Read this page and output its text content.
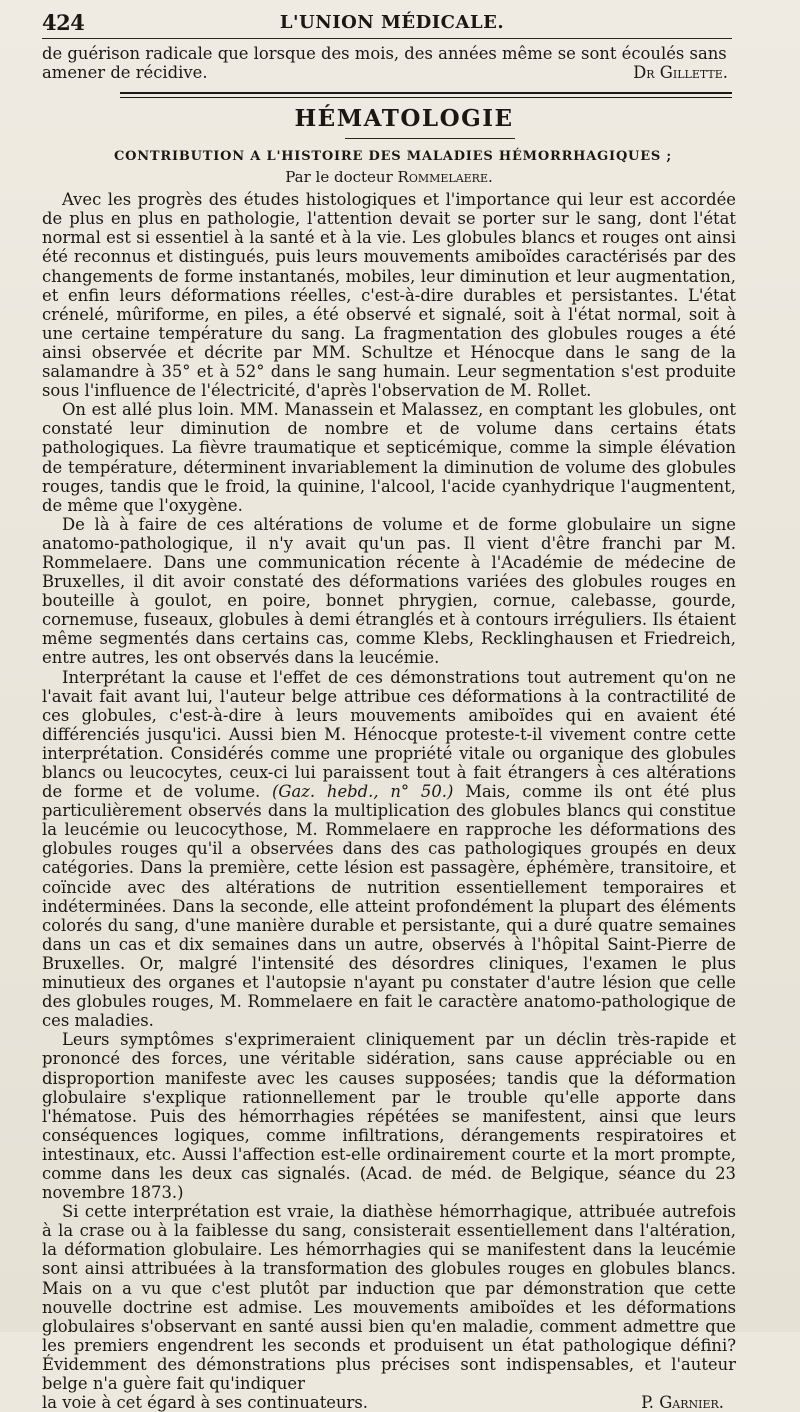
424	L'UNION MÉDICALE.

de guérison radicale que lorsque des mois, des années même se sont écoulés sans

amener de récidive.	Dr Gillette.
HÉMATOLOGIE
CONTRIBUTION A L'HISTOIRE DES MALADIES HÉMORRHAGIQUES ;
Par le docteur Rommelaere.

Avec les progrès des études histologiques et l'importance qui leur est accordée de plus en plus en pathologie, l'attention devait se porter sur le sang, dont l'état normal est si essentiel à la santé et à la vie. Les globules blancs et rouges ont ainsi été reconnus et distingués, puis leurs mouvements amiboïdes caractérisés par des changements de forme instantanés, mobiles, leur diminution et leur augmentation, et enfin leurs déformations réelles, c'est-à-dire durables et persistantes. L'état crénelé, mûriforme, en piles, a été observé et signalé, soit à l'état normal, soit à une certaine température du sang. La fragmentation des globules rouges a été ainsi observée et décrite par MM. Schultze et Hénocque dans le sang de la salamandre à 35° et à 52° dans le sang humain. Leur segmentation s'est produite sous l'influence de l'électricité, d'après l'observation de M. Rollet.

On est allé plus loin. MM. Manassein et Malassez, en comptant les globules, ont constaté leur diminution de nombre et de volume dans certains états pathologiques. La fièvre traumatique et septicémique, comme la simple élévation de température, déterminent invariablement la diminution de volume des globules rouges, tandis que le froid, la quinine, l'alcool, l'acide cyanhydrique l'augmentent, de même que l'oxygène.

De là à faire de ces altérations de volume et de forme globulaire un signe anatomo-pathologique, il n'y avait qu'un pas. Il vient d'être franchi par M. Rommelaere. Dans une communication récente à l'Académie de médecine de Bruxelles, il dit avoir constaté des déformations variées des globules rouges en bouteille à goulot, en poire, bonnet phrygien, cornue, calebasse, gourde, cornemuse, fuseaux, globules à demi étranglés et à contours irréguliers. Ils étaient même segmentés dans certains cas, comme Klebs, Recklinghausen et Friedreich, entre autres, les ont observés dans la leucémie.

Interprétant la cause et l'effet de ces démonstrations tout autrement qu'on ne l'avait fait avant lui, l'auteur belge attribue ces déformations à la contractilité de ces globules, c'est-à-dire à leurs mouvements amiboïdes qui en avaient été différenciés jusqu'ici. Aussi bien M. Hénocque proteste-t-il vivement contre cette interprétation. Considérés comme une propriété vitale ou organique des globules blancs ou leucocytes, ceux-ci lui paraissent tout à fait étrangers à ces altérations de forme et de volume. (Gaz. hebd., n° 50.) Mais, comme ils ont été plus particulièrement observés dans la multiplication des globules blancs qui constitue la leucémie ou leucocythose, M. Rommelaere en rapproche les déformations des globules rouges qu'il a observées dans des cas pathologiques groupés en deux catégories. Dans la première, cette lésion est passagère, éphémère, transitoire, et coïncide avec des altérations de nutrition essentiellement temporaires et indéterminées. Dans la seconde, elle atteint profondément la plupart des éléments colorés du sang, d'une manière durable et persistante, qui a duré quatre semaines dans un cas et dix semaines dans un autre, observés à l'hôpital Saint-Pierre de Bruxelles. Or, malgré l'intensité des désordres cliniques, l'examen le plus minutieux des organes et l'autopsie n'ayant pu constater d'autre lésion que celle des globules rouges, M. Rommelaere en fait le caractère anatomo-pathologique de ces maladies.

Leurs symptômes s'exprimeraient cliniquement par un déclin très-rapide et prononcé des forces, une véritable sidération, sans cause appréciable ou en disproportion manifeste avec les causes supposées; tandis que la déformation globulaire s'explique rationnellement par le trouble qu'elle apporte dans l'hématose. Puis des hémorrhagies répétées se manifestent, ainsi que leurs conséquences logiques, comme infiltrations, dérangements respiratoires et intestinaux, etc. Aussi l'affection est-elle ordinairement courte et la mort prompte, comme dans les deux cas signalés. (Acad. de méd. de Belgique, séance du 23 novembre 1873.)

Si cette interprétation est vraie, la diathèse hémorrhagique, attribuée autrefois à la crase ou à la faiblesse du sang, consisterait essentiellement dans l'altération, la déformation globulaire. Les hémorrhagies qui se manifestent dans la leucémie sont ainsi attribuées à la transformation des globules rouges en globules blancs. Mais on a vu que c'est plutôt par induction que par démonstration que cette nouvelle doctrine est admise. Les mouvements amiboïdes et les déformations globulaires s'observant en santé aussi bien qu'en maladie, comment admettre que les premiers engendrent les seconds et produisent un état pathologique défini? Évidemment des démonstrations plus précises sont indispensables, et l'auteur belge n'a guère fait qu'indiquer

la voie à cet égard à ses continuateurs.	P. Garnier.
